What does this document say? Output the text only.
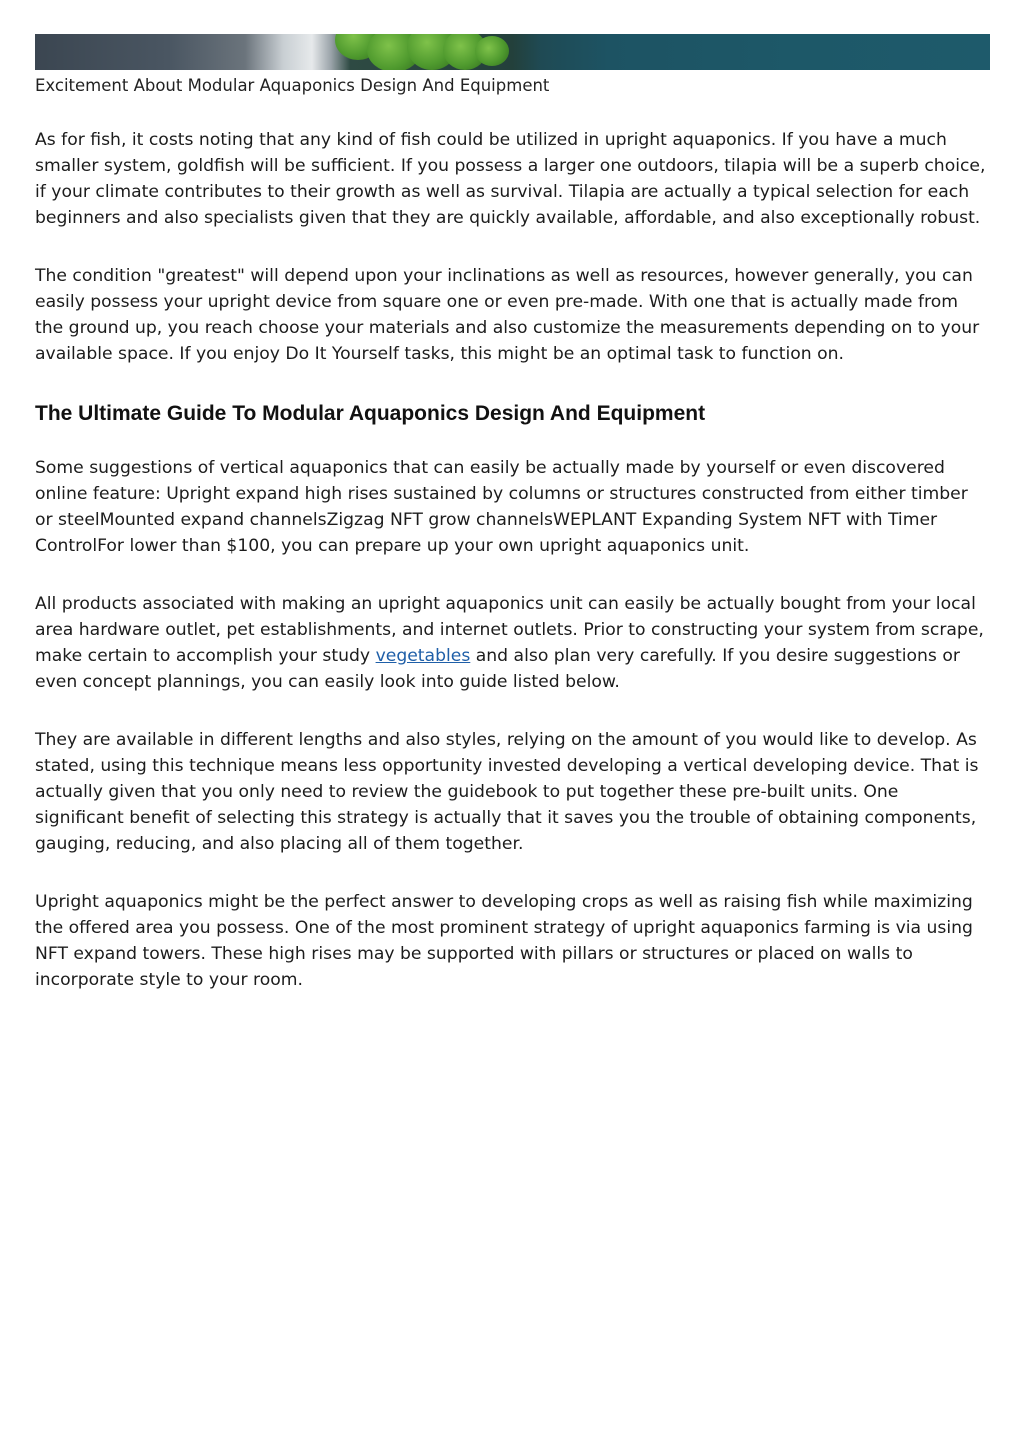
Excitement About Modular Aquaponics Design And Equipment

As for fish, it costs noting that any kind of fish could be utilized in upright aquaponics. If you have a much smaller system, goldfish will be sufficient. If you possess a larger one outdoors, tilapia will be a superb choice, if your climate contributes to their growth as well as survival. Tilapia are actually a typical selection for each beginners and also specialists given that they are quickly available, affordable, and also exceptionally robust.

The condition "greatest" will depend upon your inclinations as well as resources, however generally, you can easily possess your upright device from square one or even pre-made. With one that is actually made from the ground up, you reach choose your materials and also customize the measurements depending on to your available space. If you enjoy Do It Yourself tasks, this might be an optimal task to function on.

The Ultimate Guide To Modular Aquaponics Design And Equipment

Some suggestions of vertical aquaponics that can easily be actually made by yourself or even discovered online feature: Upright expand high rises sustained by columns or structures constructed from either timber or steelMounted expand channelsZigzag NFT grow channelsWEPLANT Expanding System NFT with Timer ControlFor lower than $100, you can prepare up your own upright aquaponics unit.

All products associated with making an upright aquaponics unit can easily be actually bought from your local area hardware outlet, pet establishments, and internet outlets. Prior to constructing your system from scrape, make certain to accomplish your study vegetables and also plan very carefully. If you desire suggestions or even concept plannings, you can easily look into guide listed below.

They are available in different lengths and also styles, relying on the amount of you would like to develop. As stated, using this technique means less opportunity invested developing a vertical developing device. That is actually given that you only need to review the guidebook to put together these pre-built units. One significant benefit of selecting this strategy is actually that it saves you the trouble of obtaining components, gauging, reducing, and also placing all of them together.

Upright aquaponics might be the perfect answer to developing crops as well as raising fish while maximizing the offered area you possess. One of the most prominent strategy of upright aquaponics farming is via using NFT expand towers. These high rises may be supported with pillars or structures or placed on walls to incorporate style to your room.
